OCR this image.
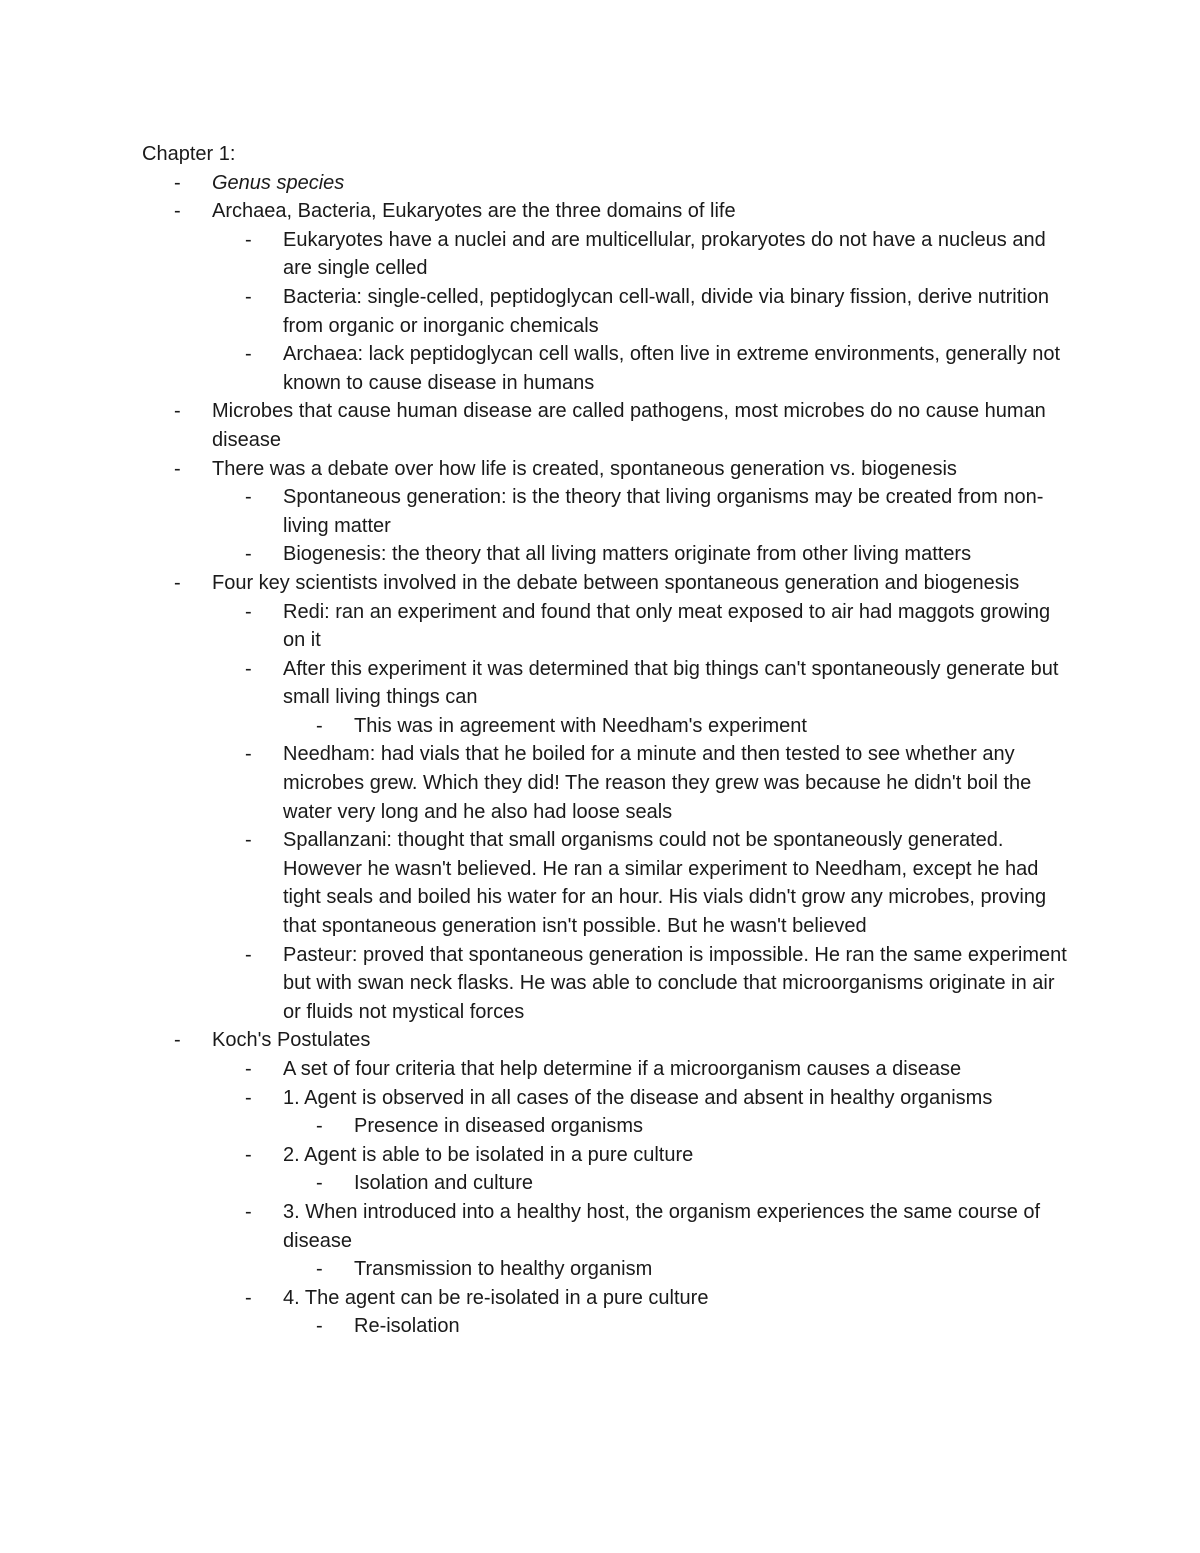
Chapter 1:
- Genus species
- Archaea, Bacteria, Eukaryotes are the three domains of life
- Eukaryotes have a nuclei and are multicellular, prokaryotes do not have a nucleus and are single celled
- Bacteria: single-celled, peptidoglycan cell-wall, divide via binary fission, derive nutrition from organic or inorganic chemicals
- Archaea: lack peptidoglycan cell walls, often live in extreme environments, generally not known to cause disease in humans
- Microbes that cause human disease are called pathogens, most microbes do no cause human disease
- There was a debate over how life is created, spontaneous generation vs. biogenesis
- Spontaneous generation: is the theory that living organisms may be created from non-living matter
- Biogenesis: the theory that all living matters originate from other living matters
- Four key scientists involved in the debate between spontaneous generation and biogenesis
- Redi: ran an experiment and found that only meat exposed to air had maggots growing on it
- After this experiment it was determined that big things can't spontaneously generate but small living things can
- This was in agreement with Needham's experiment
- Needham: had vials that he boiled for a minute and then tested to see whether any microbes grew. Which they did! The reason they grew was because he didn't boil the water very long and he also had loose seals
- Spallanzani: thought that small organisms could not be spontaneously generated. However he wasn't believed. He ran a similar experiment to Needham, except he had tight seals and boiled his water for an hour. His vials didn't grow any microbes, proving that spontaneous generation isn't possible. But he wasn't believed
- Pasteur: proved that spontaneous generation is impossible. He ran the same experiment but with swan neck flasks. He was able to conclude that microorganisms originate in air or fluids not mystical forces
- Koch's Postulates
- A set of four criteria that help determine if a microorganism causes a disease
- 1. Agent is observed in all cases of the disease and absent in healthy organisms
- Presence in diseased organisms
- 2. Agent is able to be isolated in a pure culture
- Isolation and culture
- 3. When introduced into a healthy host, the organism experiences the same course of disease
- Transmission to healthy organism
- 4. The agent can be re-isolated in a pure culture
- Re-isolation
